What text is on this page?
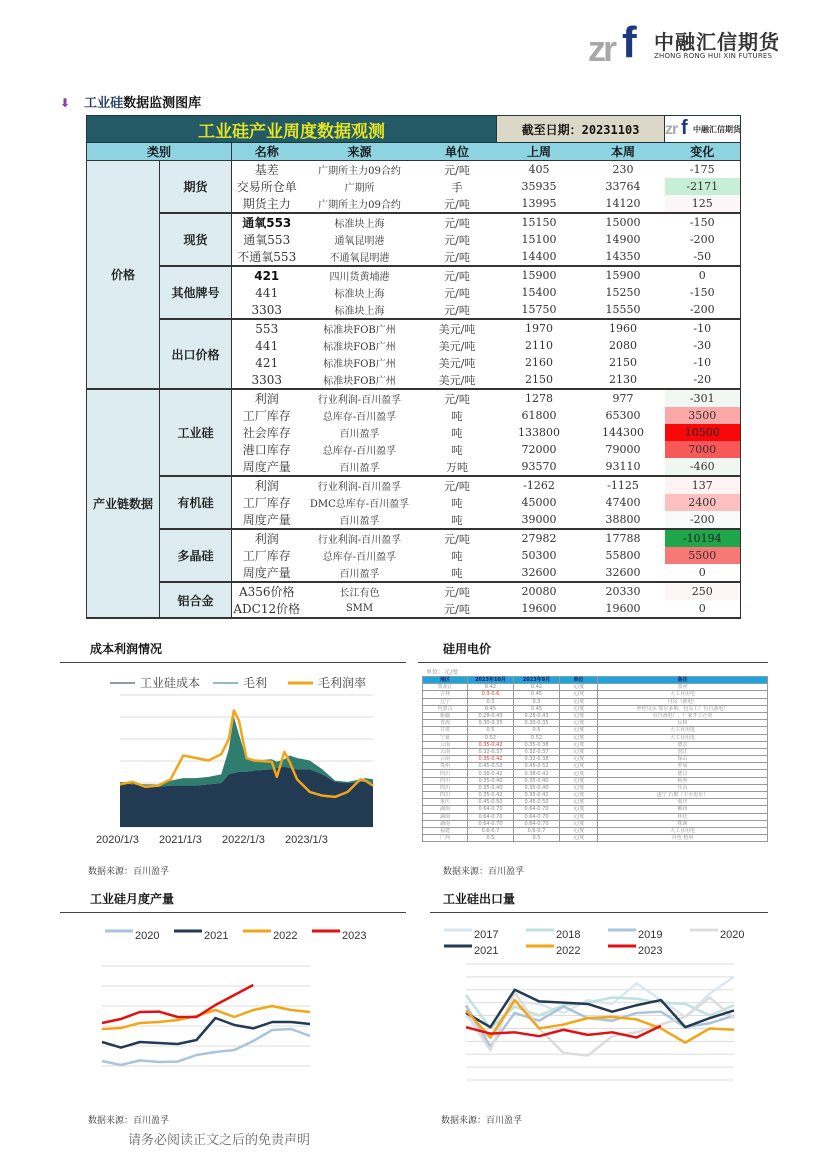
zr f 中融汇信期货
ZHONG RONG HUI XIN FUTURES
⬇ 工业硅数据监测图库
工业硅产业周度数据观测					截至日期：20231103		zr f 中融汇信期货

类别		名称	来源	单位	上周	本周	变化
价格	期货	基差	广期所主力09合约	元/吨	405	230	-175
		交易所仓单	广期所	手	35935	33764	-2171
		期货主力	广期所主力09合约	元/吨	13995	14120	125
	现货	通氧553	标准块上海	元/吨	15150	15000	-150
		通氧553	通氧昆明港	元/吨	15100	14900	-200
		不通氧553	不通氧昆明港	元/吨	14400	14350	-50
	其他牌号	421	四川货黄埔港	元/吨	15900	15900	0
		441	标准块上海	元/吨	15400	15250	-150
		3303	标准块上海	元/吨	15750	15550	-200
	出口价格	553	标准块FOB广州	美元/吨	1970	1960	-10
		441	标准块FOB广州	美元/吨	2110	2080	-30
		421	标准块FOB广州	美元/吨	2160	2150	-10
		3303	标准块FOB广州	美元/吨	2150	2130	-20
产业链数据	工业硅	利润	行业利润-百川盈孚	元/吨	1278	977	-301
		工厂库存	总库存-百川盈孚	吨	61800	65300	3500
		社会库存	百川盈孚	吨	133800	144300	10500
		港口库存	总库存-百川盈孚	吨	72000	79000	7000
		周度产量	百川盈孚	万吨	93570	93110	-460
	有机硅	利润	行业利润-百川盈孚	元/吨	-1262	-1125	137
		工厂库存	DMC总库存-百川盈孚	吨	45000	47400	2400
		周度产量	百川盈孚	吨	39000	38800	-200
	多晶硅	利润	行业利润-百川盈孚	元/吨	27982	17788	-10194
		工厂库存	总库存-百川盈孚	吨	50300	55800	5500
		周度产量	百川盈孚	吨	32600	32600	0
	铝合金	A356价格	长江有色	元/吨	20080	20330	250
		ADC12价格	SMM	元/吨	19600	19600	0
成本利润情况
工业硅成本	毛利	毛利润率
2020/1/3 2021/1/3 2022/1/3 2023/1/3
数据来源：百川盈孚
硅用电价
单位：元/度
地区	2023年10月	2023年9月	单位	备注
黑龙江	0.42	0.42	元/度	黑河
吉林	0.3-0.6	0.45	元/度	大工业用电
辽宁	0.3	0.3	元/度	丹东（新电）
内蒙古	0.45	0.45	元/度	呼伦贝尔 鄂尔多斯、包头工厂有自备电厂
新疆	0.28-0.43	0.28-0.43	元/度	有自备电厂，厂家开工正常
青海	0.30-0.35	0.30-0.35	元/度	民和
甘肃	0.5	0.5	元/度	大工业用电
宁夏	0.52	0.52	元/度	大工业用电
云南	0.35-0.42	0.35-0.38	元/度	德宏
云南	0.32-0.37	0.32-0.37	元/度	怒江
云南	0.35-0.42	0.32-0.38	元/度	保山
贵州	0.45-0.52	0.45-0.52	元/度	罗甸
四川	0.38-0.42	0.38-0.42	元/度	德昌
四川	0.35-0.40	0.35-0.40	元/度	阿坝
四川	0.35-0.40	0.35-0.40	元/度	乐山
四川	0.35-0.42	0.35-0.42	元/度	遂宁 石棉（丰水电价）
重庆	0.45-0.50	0.45-0.50	元/度	重庆
湖南	0.64-0.70	0.64-0.70	元/度	郴州
湖南	0.64-0.70	0.64-0.70	元/度	怀化
湖南	0.64-0.70	0.64-0.70	元/度	株洲
福建	0.6-0.7	0.6-0.7	元/度	大工业用电
广西	0.5	0.5	元/度	百色 梧州
数据来源：百川盈孚
工业硅月度产量
2020	2021	2022	2023
数据来源：百川盈孚
工业硅出口量
2017	2018	2019	2020
2021	2022	2023
数据来源：百川盈孚
请务必阅读正文之后的免责声明
